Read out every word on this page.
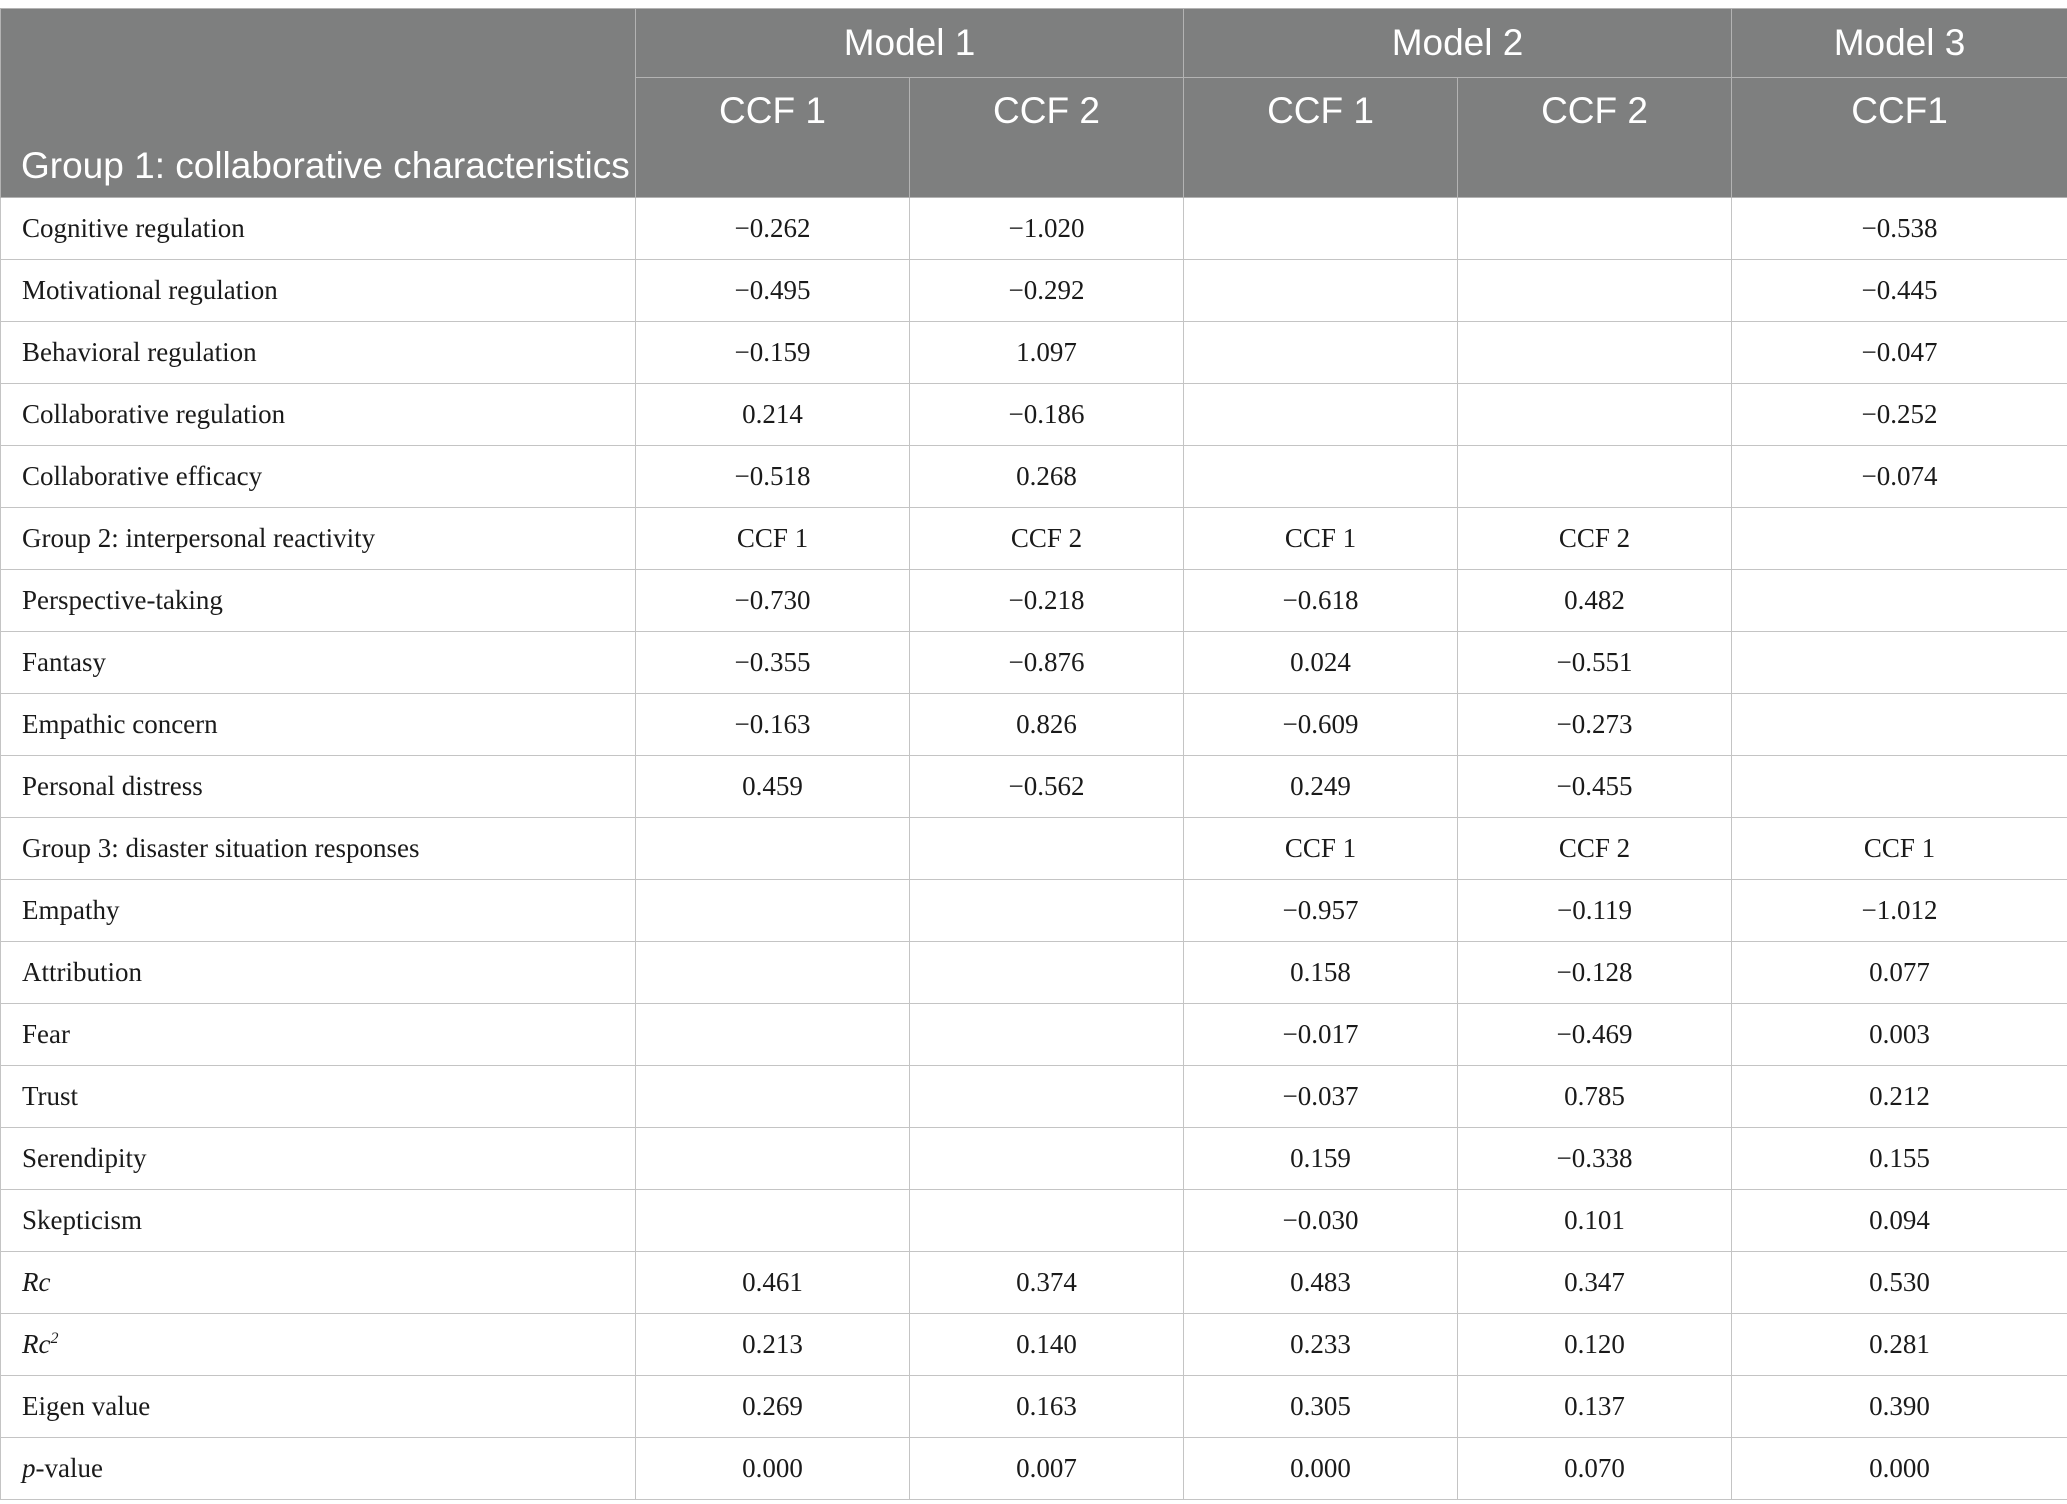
Group 1: collaborative characteristics	Model 1		Model 2		Model 3
	CCF 1	CCF 2	CCF 1	CCF 2	CCF1
Cognitive regulation	−0.262	−1.020			−0.538
Motivational regulation	−0.495	−0.292			−0.445
Behavioral regulation	−0.159	1.097			−0.047
Collaborative regulation	0.214	−0.186			−0.252
Collaborative efficacy	−0.518	0.268			−0.074
Group 2: interpersonal reactivity	CCF 1	CCF 2	CCF 1	CCF 2	
Perspective-taking	−0.730	−0.218	−0.618	0.482	
Fantasy	−0.355	−0.876	0.024	−0.551	
Empathic concern	−0.163	0.826	−0.609	−0.273	
Personal distress	0.459	−0.562	0.249	−0.455	
Group 3: disaster situation responses			CCF 1	CCF 2	CCF 1
Empathy			−0.957	−0.119	−1.012
Attribution			0.158	−0.128	0.077
Fear			−0.017	−0.469	0.003
Trust			−0.037	0.785	0.212
Serendipity			0.159	−0.338	0.155
Skepticism			−0.030	0.101	0.094
Rc	0.461	0.374	0.483	0.347	0.530
Rc$^2$	0.213	0.140	0.233	0.120	0.281
Eigen value	0.269	0.163	0.305	0.137	0.390
p-value	0.000	0.007	0.000	0.070	0.000
